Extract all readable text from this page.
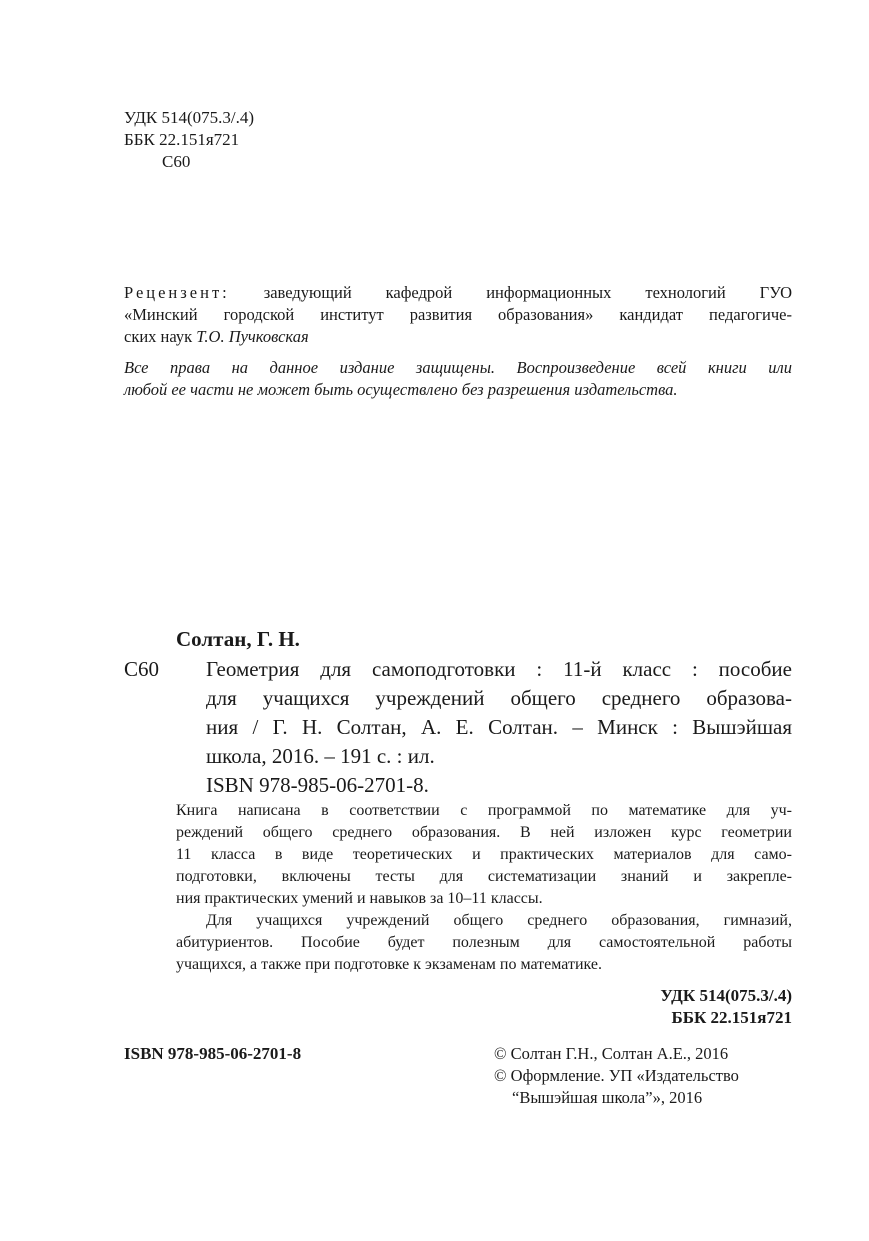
УДК 514(075.3/.4)
ББК 22.151я721
С60
Рецензент: заведующий кафедрой информационных технологий ГУО
«Минский городской институт развития образования» кандидат педагогиче-
ских наук Т.О. Пучковская
Все права на данное издание защищены. Воспроизведение всей книги или
любой ее части не может быть осуществлено без разрешения издательства.
Солтан, Г. Н.
С60 Геометрия для самоподготовки : 11-й класс : пособие
для учащихся учреждений общего среднего образова-
ния / Г. Н. Солтан, А. Е. Солтан. – Минск : Вышэйшая
школа, 2016. – 191 с. : ил.
ISBN 978-985-06-2701-8.
Книга написана в соответствии с программой по математике для уч-
реждений общего среднего образования. В ней изложен курс геометрии
11 класса в виде теоретических и практических материалов для само-
подготовки, включены тесты для систематизации знаний и закрепле-
ния практических умений и навыков за 10–11 классы.
Для учащихся учреждений общего среднего образования, гимназий,
абитуриентов. Пособие будет полезным для самостоятельной работы
учащихся, а также при подготовке к экзаменам по математике.
УДК 514(075.3/.4)
ББК 22.151я721
ISBN 978-985-06-2701-8	© Солтан Г.Н., Солтан А.Е., 2016
© Оформление. УП «Издательство
“Вышэйшая школа”», 2016
